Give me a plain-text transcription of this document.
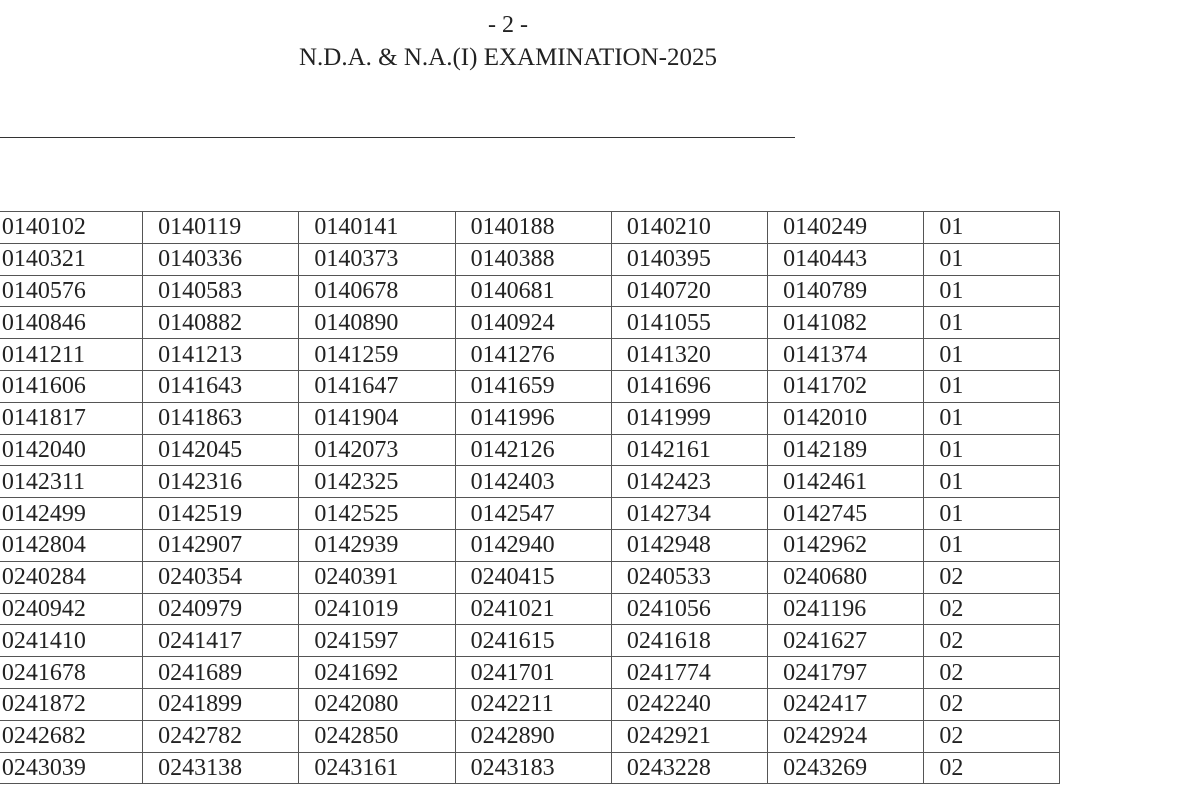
- 2 -
N.D.A. & N.A.(I) EXAMINATION-2025
	0140102	0140119	0140141	0140188	0140210	0140249	01
	0140321	0140336	0140373	0140388	0140395	0140443	01
	0140576	0140583	0140678	0140681	0140720	0140789	01
	0140846	0140882	0140890	0140924	0141055	0141082	01
	0141211	0141213	0141259	0141276	0141320	0141374	01
	0141606	0141643	0141647	0141659	0141696	0141702	01
	0141817	0141863	0141904	0141996	0141999	0142010	01
	0142040	0142045	0142073	0142126	0142161	0142189	01
	0142311	0142316	0142325	0142403	0142423	0142461	01
	0142499	0142519	0142525	0142547	0142734	0142745	01
	0142804	0142907	0142939	0142940	0142948	0142962	01
	0240284	0240354	0240391	0240415	0240533	0240680	02
	0240942	0240979	0241019	0241021	0241056	0241196	02
	0241410	0241417	0241597	0241615	0241618	0241627	02
	0241678	0241689	0241692	0241701	0241774	0241797	02
	0241872	0241899	0242080	0242211	0242240	0242417	02
	0242682	0242782	0242850	0242890	0242921	0242924	02
	0243039	0243138	0243161	0243183	0243228	0243269	02
